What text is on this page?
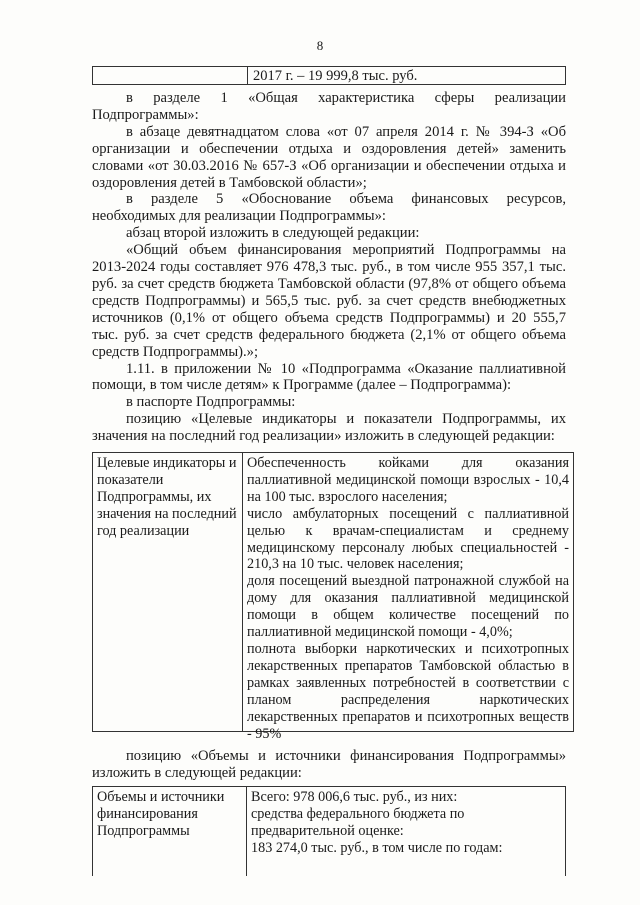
8
2017 г. – 19 999,8 тыс. руб.

в разделе 1 «Общая характеристика сферы реализации Подпрограммы»:

в абзаце девятнадцатом слова «от 07 апреля 2014 г. № 394-З «Об организации и обеспечении отдыха и оздоровления детей» заменить словами «от 30.03.2016 № 657-З «Об организации и обеспечении отдыха и оздоровления детей в Тамбовской области»;

в разделе 5 «Обоснование объема финансовых ресурсов, необходимых для реализации Подпрограммы»:

абзац второй изложить в следующей редакции:

«Общий объем финансирования мероприятий Подпрограммы на 2013-2024 годы составляет 976 478,3 тыс. руб., в том числе 955 357,1 тыс. руб. за счет средств бюджета Тамбовской области (97,8% от общего объема средств Подпрограммы) и 565,5 тыс. руб. за счет средств внебюджетных источников (0,1% от общего объема средств Подпрограммы) и 20 555,7 тыс. руб. за счет средств федерального бюджета (2,1% от общего объема средств Подпрограммы).»;

1.11. в приложении № 10 «Подпрограмма «Оказание паллиативной помощи, в том числе детям» к Программе (далее – Подпрограмма):

в паспорте Подпрограммы:

позицию «Целевые индикаторы и показатели Подпрограммы, их значения на последний год реализации» изложить в следующей редакции:

Целевые индикаторы и показатели Подпрограммы, их значения на последний год реализации

Обеспеченность койками для оказания паллиативной медицинской помощи взрослых - 10,4 на 100 тыс. взрослого населения;

число амбулаторных посещений с паллиативной целью к врачам-специалистам и среднему медицинскому персоналу любых специальностей - 210,3 на 10 тыс. человек населения;

доля посещений выездной патронажной службой на дому для оказания паллиативной медицинской помощи в общем количестве посещений по паллиативной медицинской помощи - 4,0%;

полнота выборки наркотических и психотропных лекарственных препаратов Тамбовской областью в рамках заявленных потребностей в соответствии с планом распределения наркотических лекарственных препаратов и психотропных веществ - 95%

позицию «Объемы и источники финансирования Подпрограммы» изложить в следующей редакции:

Объемы и источники финансирования Подпрограммы

Всего: 978 006,6 тыс. руб., из них:

средства федерального бюджета по предварительной оценке:

183 274,0 тыс. руб., в том числе по годам:
